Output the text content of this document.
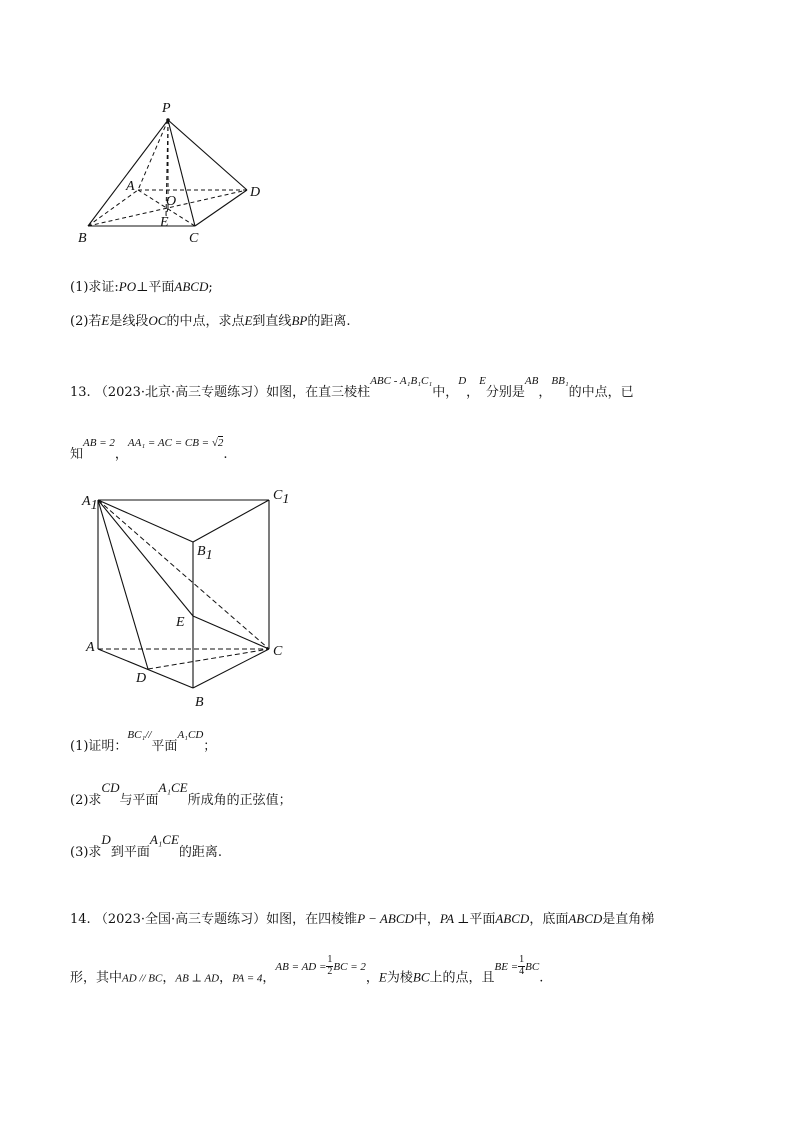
P
A
B	C
D
O
E
(1)求证:PO⊥平面ABCD;
(2)若E是线段OC的中点，求点E到直线BP的距离.
13. （2023·北京·高三专题练习）如图，在直三棱柱$^{ABC - A_1B_1C_1}$中，$^D$，$^E$分别是$^{AB}$，$^{BB_1}$的中点，已
知$^{AB = 2}$，$^{AA_1 = AC = CB =}$ $^{√2}$.
A1
C1
B1
E
A	C
D
B
(1)证明：$^{BC_1//}$平面$^{A_1CD}$；
(2)求CD与平面A₁CE所成角的正弦值；
(3)求D到平面A₁CE的距离.
14. （2023·全国·高三专题练习）如图，在四棱锥P − ABCD中，PA ⊥平面ABCD，底面ABCD是直角梯
形，其中AD // BC，AB ⊥ AD，PA = 4，$^{AB = AD =} \frac{1}{2} ^{BC = 2}$，E为棱BC上的点，且$^{BE =} \frac{1}{4} ^{BC}$.
